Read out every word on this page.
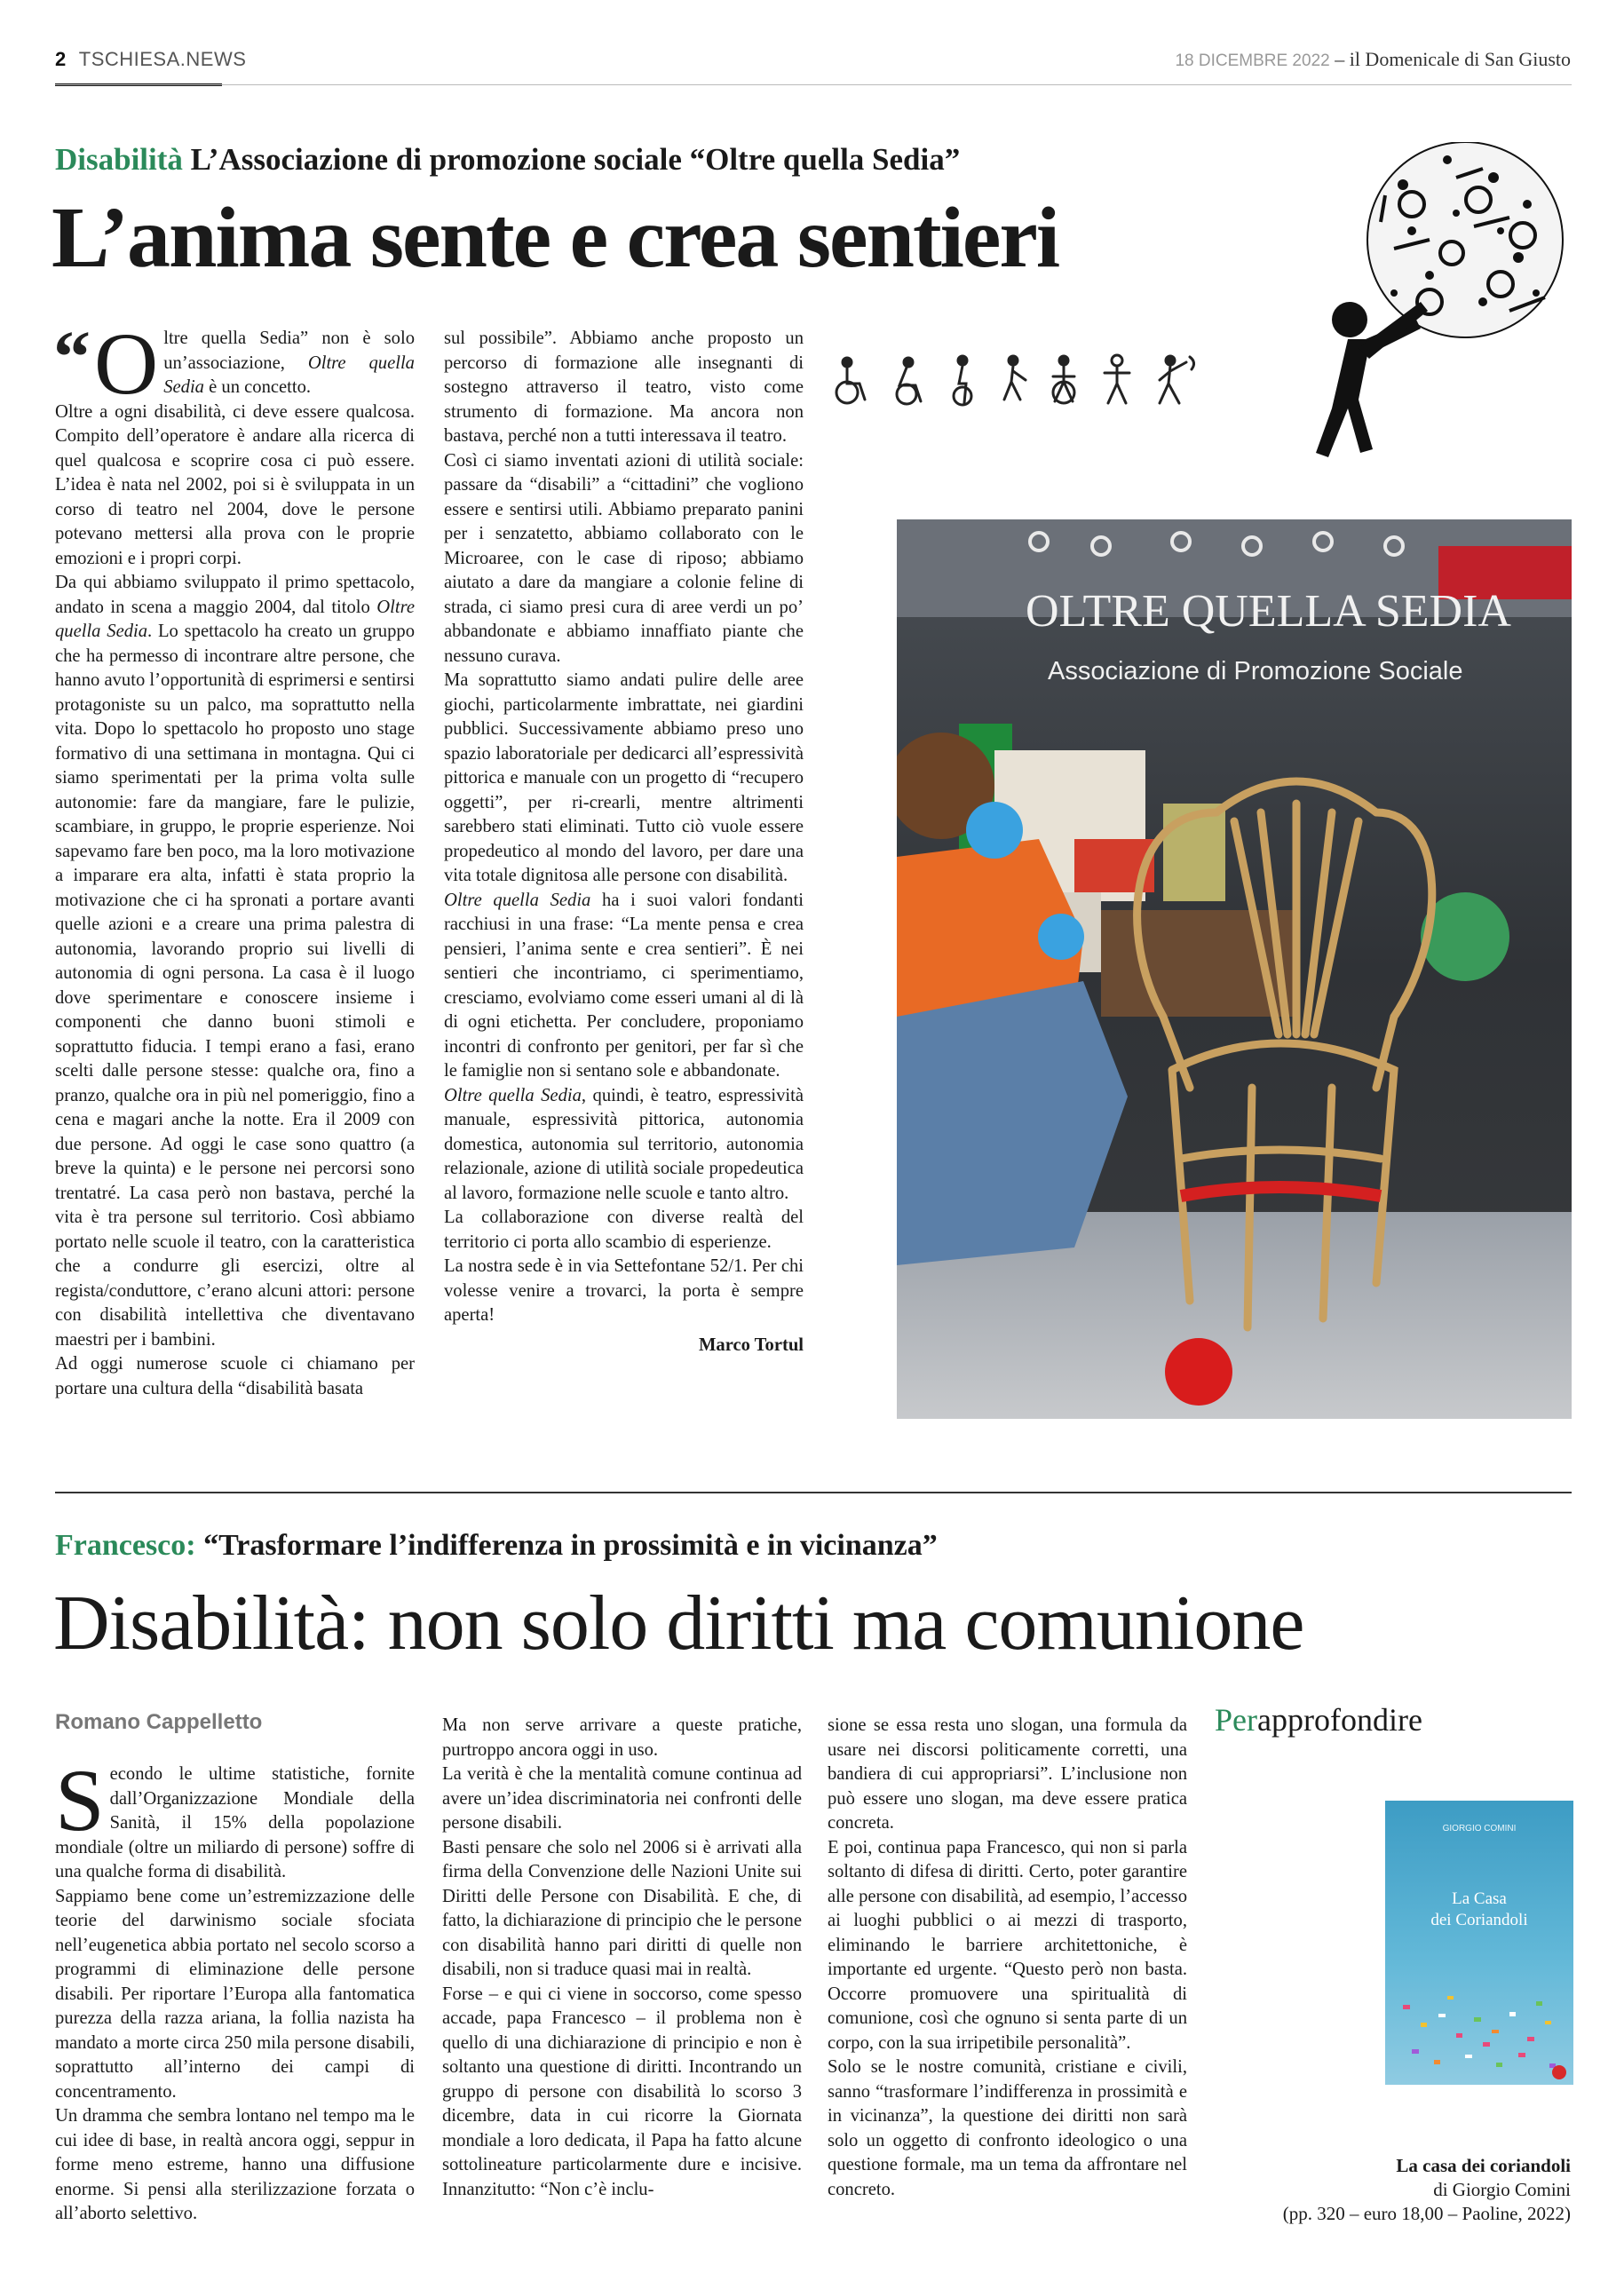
2 TSCHIESA.NEWS	18 DICEMBRE 2022 – il Domenicale di San Giusto
Disabilità L’Associazione di promozione sociale “Oltre quella Sedia”
L’anima sente e crea sentieri

“ O ltre quella Sedia” non è solo un’associazione, Oltre quella Sedia è un concetto.

Oltre a ogni disabilità, ci deve essere qualcosa. Compito dell’operatore è andare alla ricerca di quel qualcosa e scoprire cosa ci può essere. L’idea è nata nel 2002, poi si è sviluppata in un corso di teatro nel 2004, dove le persone potevano mettersi alla prova con le proprie emozioni e i propri corpi.

Da qui abbiamo sviluppato il primo spettacolo, andato in scena a maggio 2004, dal titolo Oltre quella Sedia. Lo spettacolo ha creato un gruppo che ha permesso di incontrare altre persone, che hanno avuto l’opportunità di esprimersi e sentirsi protagoniste su un palco, ma soprattutto nella vita. Dopo lo spettacolo ho proposto uno stage formativo di una settimana in montagna. Qui ci siamo sperimentati per la prima volta sulle autonomie: fare da mangiare, fare le pulizie, scambiare, in gruppo, le proprie esperienze. Noi sapevamo fare ben poco, ma la loro motivazione a imparare era alta, infatti è stata proprio la motivazione che ci ha spronati a portare avanti quelle azioni e a creare una prima palestra di autonomia, lavorando proprio sui livelli di autonomia di ogni persona. La casa è il luogo dove sperimentare e conoscere insieme i componenti che danno buoni stimoli e soprattutto fiducia. I tempi erano a fasi, erano scelti dalle persone stesse: qualche ora, fino a pranzo, qualche ora in più nel pomeriggio, fino a cena e magari anche la notte. Era il 2009 con due persone. Ad oggi le case sono quattro (a breve la quinta) e le persone nei percorsi sono trentatré. La casa però non bastava, perché la vita è tra persone sul territorio. Così abbiamo portato nelle scuole il teatro, con la caratteristica che a condurre gli esercizi, oltre al regista/conduttore, c’erano alcuni attori: persone con disabilità intellettiva che diventavano maestri per i bambini.

Ad oggi numerose scuole ci chiamano per portare una cultura della “disabilità basata

sul possibile”. Abbiamo anche proposto un percorso di formazione alle insegnanti di sostegno attraverso il teatro, visto come strumento di formazione. Ma ancora non bastava, perché non a tutti interessava il teatro.

Così ci siamo inventati azioni di utilità sociale: passare da “disabili” a “cittadini” che vogliono essere e sentirsi utili. Abbiamo preparato panini per i senzatetto, abbiamo collaborato con le Microaree, con le case di riposo; abbiamo aiutato a dare da mangiare a colonie feline di strada, ci siamo presi cura di aree verdi un po’ abbandonate e abbiamo innaffiato piante che nessuno curava.

Ma soprattutto siamo andati pulire delle aree giochi, particolarmente imbrattate, nei giardini pubblici. Successivamente abbiamo preso uno spazio laboratoriale per dedicarci all’espressività pittorica e manuale con un progetto di “recupero oggetti”, per ri-crearli, mentre altrimenti sarebbero stati eliminati. Tutto ciò vuole essere propedeutico al mondo del lavoro, per dare una vita totale dignitosa alle persone con disabilità.

Oltre quella Sedia ha i suoi valori fondanti racchiusi in una frase: “La mente pensa e crea pensieri, l’anima sente e crea sentieri”. È nei sentieri che incontriamo, ci sperimentiamo, cresciamo, evolviamo come esseri umani al di là di ogni etichetta. Per concludere, proponiamo incontri di confronto per genitori, per far sì che le famiglie non si sentano sole e abbandonate.

Oltre quella Sedia, quindi, è teatro, espressività manuale, espressività pittorica, autonomia domestica, autonomia sul territorio, autonomia relazionale, azione di utilità sociale propedeutica al lavoro, formazione nelle scuole e tanto altro.

La collaborazione con diverse realtà del territorio ci porta allo scambio di esperienze.

La nostra sede è in via Settefontane 52/1. Per chi volesse venire a trovarci, la porta è sempre aperta!

Marco Tortul

OLTRE QUELLA SEDIA
Associazione di Promozione Sociale
Francesco: “Trasformare l’indifferenza in prossimità e in vicinanza”
Disabilità: non solo diritti ma comunione
Romano Cappelletto

Secondo le ultime statistiche, fornite dall’Organizzazione Mondiale della Sanità, il 15% della popolazione mondiale (oltre un miliardo di persone) soffre di una qualche forma di disabilità.

Sappiamo bene come un’estremizzazione delle teorie del darwinismo sociale sfociata nell’eugenetica abbia portato nel secolo scorso a programmi di eliminazione delle persone disabili. Per riportare l’Europa alla fantomatica purezza della razza ariana, la follia nazista ha mandato a morte circa 250 mila persone disabili, soprattutto all’interno dei campi di concentramento.

Un dramma che sembra lontano nel tempo ma le cui idee di base, in realtà ancora oggi, seppur in forme meno estreme, hanno una diffusione enorme. Si pensi alla sterilizzazione forzata o all’aborto selettivo.

Ma non serve arrivare a queste pratiche, purtroppo ancora oggi in uso.

La verità è che la mentalità comune continua ad avere un’idea discriminatoria nei confronti delle persone disabili.

Basti pensare che solo nel 2006 si è arrivati alla firma della Convenzione delle Nazioni Unite sui Diritti delle Persone con Disabilità. E che, di fatto, la dichiarazione di principio che le persone con disabilità hanno pari diritti di quelle non disabili, non si traduce quasi mai in realtà.

Forse – e qui ci viene in soccorso, come spesso accade, papa Francesco – il problema non è quello di una dichiarazione di principio e non è soltanto una questione di diritti. Incontrando un gruppo di persone con disabilità lo scorso 3 dicembre, data in cui ricorre la Giornata mondiale a loro dedicata, il Papa ha fatto alcune sottolineature particolarmente dure e incisive. Innanzitutto: “Non c’è inclu-

sione se essa resta uno slogan, una formula da usare nei discorsi politicamente corretti, una bandiera di cui appropriarsi”. L’inclusione non può essere uno slogan, ma deve essere pratica concreta.

E poi, continua papa Francesco, qui non si parla soltanto di difesa di diritti. Certo, poter garantire alle persone con disabilità, ad esempio, l’accesso ai luoghi pubblici o ai mezzi di trasporto, eliminando le barriere architettoniche, è importante ed urgente. “Questo però non basta. Occorre promuovere una spiritualità di comunione, così che ognuno si senta parte di un corpo, con la sua irripetibile personalità”.

Solo se le nostre comunità, cristiane e civili, sanno “trasformare l’indifferenza in prossimità e in vicinanza”, la questione dei diritti non sarà solo un oggetto di confronto ideologico o una questione formale, ma un tema da affrontare nel concreto.

Perapprofondire
GIORGIO COMINI
La Casa
dei Coriandoli
La casa dei coriandoli
di Giorgio Comini
(pp. 320 – euro 18,00 – Paoline, 2022)
